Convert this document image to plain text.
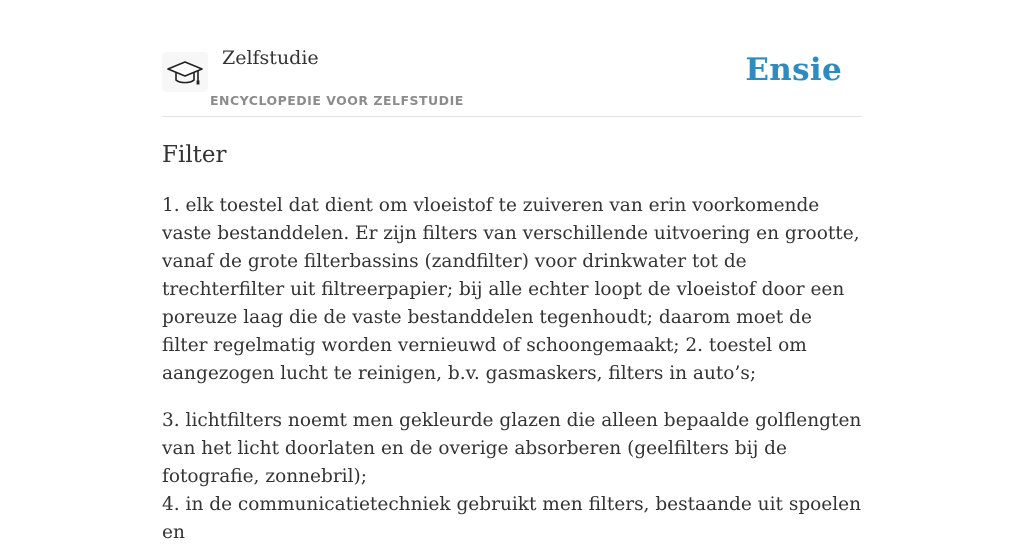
Zelfstudie
ENCYCLOPEDIE VOOR ZELFSTUDIE
Ensie
Filter

1. elk toestel dat dient om vloeistof te zuiveren van erin voorkomende vaste bestanddelen. Er zijn filters van verschillende uitvoering en grootte, vanaf de grote filterbassins (zandfilter) voor drinkwater tot de trechterfilter uit filtreerpapier; bij alle echter loopt de vloeistof door een poreuze laag die de vaste bestanddelen tegenhoudt; daarom moet de filter regelmatig worden vernieuwd of schoongemaakt; 2. toestel om aangezogen lucht te reinigen, b.v. gasmaskers, filters in auto’s;

3. lichtfilters noemt men gekleurde glazen die alleen bepaalde golflengten van het licht doorlaten en de overige absorberen (geelfilters bij de fotografie, zonnebril);
4. in de communicatietechniek gebruikt men filters, bestaande uit spoelen en
